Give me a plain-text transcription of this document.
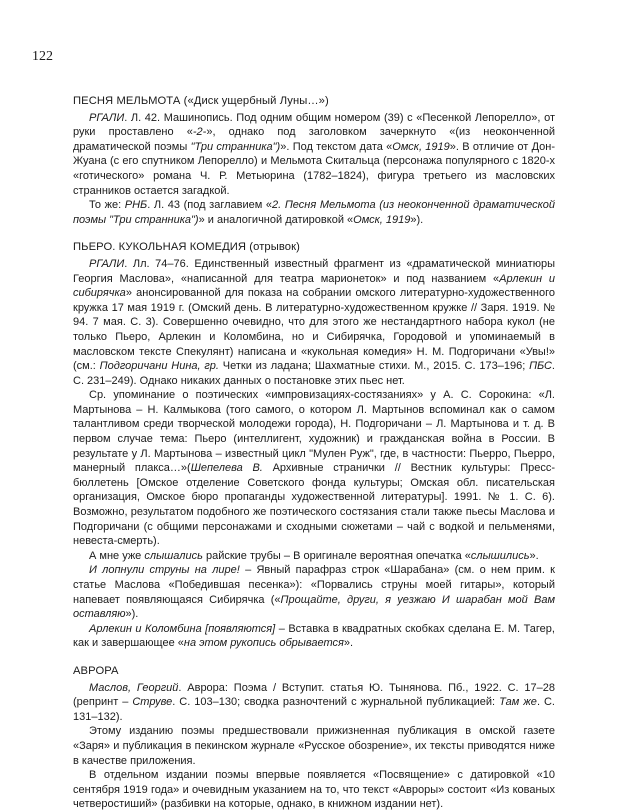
122
ПЕСНЯ МЕЛЬМОТА («Диск ущербный Луны…»)

РГАЛИ. Л. 42. Машинопись. Под одним общим номером (39) с «Песенкой Лепорелло», от руки проставлено «-2-», однако под заголовком зачеркнуто «(из неоконченной драматической поэмы "Три странника")». Под текстом дата «Омск, 1919». В отличие от Дон-Жуана (с его спутником Лепорелло) и Мельмота Скитальца (персонажа популярного с 1820-х «готического» романа Ч. Р. Метьюрина (1782–1824), фигура третьего из масловских странников остается загадкой.

То же: РНБ. Л. 43 (под заглавием «2. Песня Мельмота (из неоконченной драматической поэмы "Три странника")» и аналогичной датировкой «Омск, 1919»).

ПЬЕРО. КУКОЛЬНАЯ КОМЕДИЯ (отрывок)

РГАЛИ. Лл. 74–76. Единственный известный фрагмент из «драматической миниатюры Георгия Маслова», «написанной для театра марионеток» и под названием «Арлекин и сибирячка» анонсированной для показа на собрании омского литературно-художественного кружка 17 мая 1919 г. (Омский день. В литературно-художественном кружке // Заря. 1919. № 94. 7 мая. С. 3). Совершенно очевидно, что для этого же нестандартного набора кукол (не только Пьеро, Арлекин и Коломбина, но и Сибирячка, Городовой и упоминаемый в масловском тексте Спекулянт) написана и «кукольная комедия» Н. М. Подгоричани «Увы!» (см.: Подгоричани Нина, гр. Четки из ладана; Шахматные стихи. М., 2015. С. 173–196; ПБС. С. 231–249). Однако никаких данных о постановке этих пьес нет.

Ср. упоминание о поэтических «импровизациях-состязаниях» у А. С. Сорокина: «Л. Мартынова – Н. Калмыкова (того самого, о котором Л. Мартынов вспоминал как о самом талантливом среди творческой молодежи города), Н. Подгоричани – Л. Мартынова и т. д. В первом случае тема: Пьеро (интеллигент, художник) и гражданская война в России. В результате у Л. Мартынова – известный цикл "Мулен Руж", где, в частности: Пьерро, Пьерро, манерный плакса…»(Шепелева В. Архивные странички // Вестник культуры: Пресс-бюллетень [Омское отделение Советского фонда культуры; Омская обл. писательская организация, Омское бюро пропаганды художественной литературы]. 1991. № 1. С. 6). Возможно, результатом подобного же поэтического состязания стали также пьесы Маслова и Подгоричани (с общими персонажами и сходными сюжетами – чай с водкой и пельменями, невеста-смерть).

А мне уже слышались райские трубы – В оригинале вероятная опечатка «слышились».

И лопнули струны на лире! – Явный парафраз строк «Шарабана» (см. о нем прим. к статье Маслова «Победившая песенка»): «Порвались струны моей гитары», который напевает появляющаяся Сибирячка («Прощайте, други, я уезжаю И шарабан мой Вам оставляю»).

Арлекин и Коломбина [появляются] – Вставка в квадратных скобках сделана Е. М. Тагер, как и завершающее «на этом рукопись обрывается».

АВРОРА

Маслов, Георгий. Аврора: Поэма / Вступит. статья Ю. Тынянова. Пб., 1922. С. 17–28 (репринт – Струве. С. 103–130; сводка разночтений с журнальной публикацией: Там же. С. 131–132).

Этому изданию поэмы предшествовали прижизненная публикация в омской газете «Заря» и публикация в пекинском журнале «Русское обозрение», их тексты приводятся ниже в качестве приложения.

В отдельном издании поэмы впервые появляется «Посвящение» с датировкой «10 сентября 1919 года» и очевидным указанием на то, что текст «Авроры» состоит «Из кованых четверостиший» (разбивки на которые, однако, в книжном издании нет).
